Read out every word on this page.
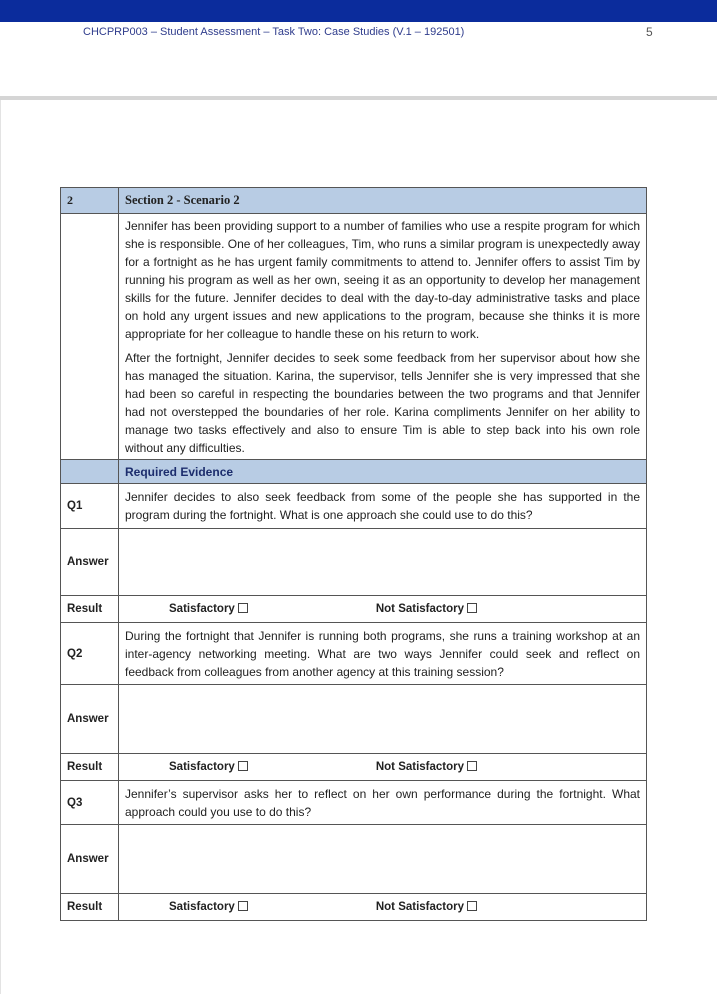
CHCPRP003 – Student Assessment – Task Two: Case Studies (V.1 – 192501)	5
2	Section 2 - Scenario 2

	Jennifer has been providing support to a number of families who use a respite program for which she is responsible. One of her colleagues, Tim, who runs a similar program is unexpectedly away for a fortnight as he has urgent family commitments to attend to. Jennifer offers to assist Tim by running his program as well as her own, seeing it as an opportunity to develop her management skills for the future. Jennifer decides to deal with the day-to-day administrative tasks and place on hold any urgent issues and new applications to the program, because she thinks it is more appropriate for her colleague to handle these on his return to work.

After the fortnight, Jennifer decides to seek some feedback from her supervisor about how she has managed the situation. Karina, the supervisor, tells Jennifer she is very impressed that she had been so careful in respecting the boundaries between the two programs and that Jennifer had not overstepped the boundaries of her role. Karina compliments Jennifer on her ability to manage two tasks effectively and also to ensure Tim is able to step back into his own role without any difficulties.

	Required Evidence
Q1	Jennifer decides to also seek feedback from some of the people she has supported in the program during the fortnight. What is one approach she could use to do this?

Answer	
Result	Satisfactory Not Satisfactory

Q2	During the fortnight that Jennifer is running both programs, she runs a training workshop at an inter-agency networking meeting. What are two ways Jennifer could seek and reflect on feedback from colleagues from another agency at this training session?

Answer	
Result	Satisfactory Not Satisfactory

Q3	Jennifer’s supervisor asks her to reflect on her own performance during the fortnight. What approach could you use to do this?

Answer	
Result	Satisfactory Not Satisfactory
